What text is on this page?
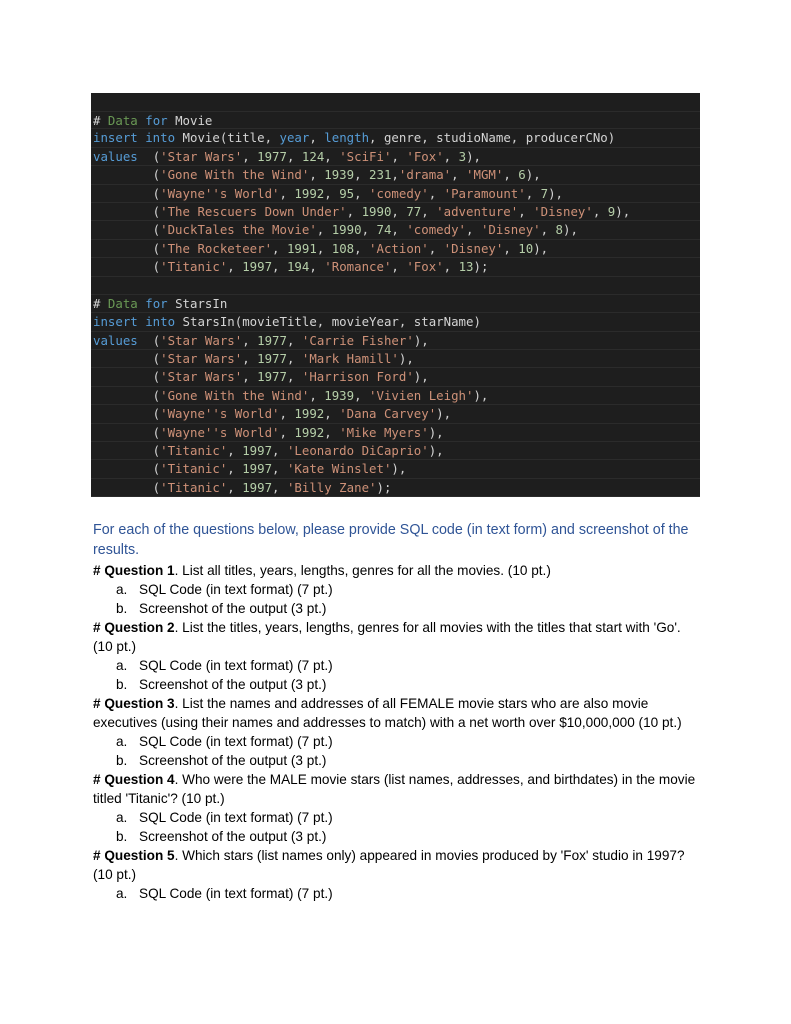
# Data for Movie
insert into Movie(title, year, length, genre, studioName, producerCNo)
values  ('Star Wars', 1977, 124, 'SciFi', 'Fox', 3),
('Gone With the Wind', 1939, 231,'drama', 'MGM', 6),
('Wayne''s World', 1992, 95, 'comedy', 'Paramount', 7),
('The Rescuers Down Under', 1990, 77, 'adventure', 'Disney', 9),
('DuckTales the Movie', 1990, 74, 'comedy', 'Disney', 8),
('The Rocketeer', 1991, 108, 'Action', 'Disney', 10),
('Titanic', 1997, 194, 'Romance', 'Fox', 13);
# Data for StarsIn
insert into StarsIn(movieTitle, movieYear, starName)
values  ('Star Wars', 1977, 'Carrie Fisher'),
('Star Wars', 1977, 'Mark Hamill'),
('Star Wars', 1977, 'Harrison Ford'),
('Gone With the Wind', 1939, 'Vivien Leigh'),
('Wayne''s World', 1992, 'Dana Carvey'),
('Wayne''s World', 1992, 'Mike Myers'),
('Titanic', 1997, 'Leonardo DiCaprio'),
('Titanic', 1997, 'Kate Winslet'),
('Titanic', 1997, 'Billy Zane');
For each of the questions below, please provide SQL code (in text form) and screenshot of the results.
# Question 1. List all titles, years, lengths, genres for all the movies. (10 pt.)
a. SQL Code (in text format) (7 pt.)
b. Screenshot of the output (3 pt.)
# Question 2. List the titles, years, lengths, genres for all movies with the titles that start with 'Go'. (10 pt.)
a. SQL Code (in text format) (7 pt.)
b. Screenshot of the output (3 pt.)
# Question 3. List the names and addresses of all FEMALE movie stars who are also movie executives (using their names and addresses to match) with a net worth over $10,000,000 (10 pt.)
a. SQL Code (in text format) (7 pt.)
b. Screenshot of the output (3 pt.)
# Question 4. Who were the MALE movie stars (list names, addresses, and birthdates) in the movie titled 'Titanic'? (10 pt.)
a. SQL Code (in text format) (7 pt.)
b. Screenshot of the output (3 pt.)
# Question 5. Which stars (list names only) appeared in movies produced by 'Fox' studio in 1997? (10 pt.)
a. SQL Code (in text format) (7 pt.)
